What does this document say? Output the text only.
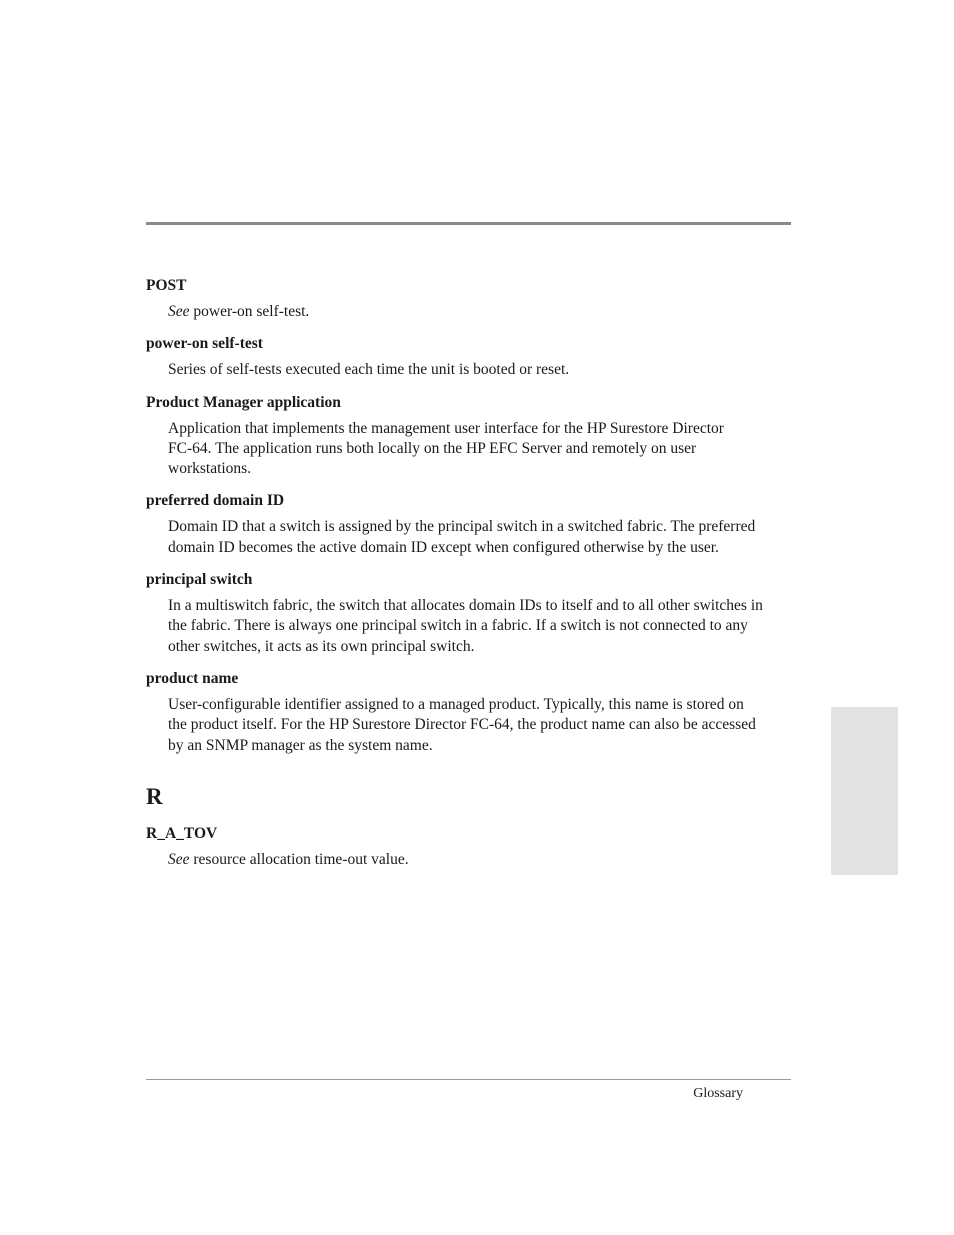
POST

See power-on self-test.

power-on self-test

Series of self-tests executed each time the unit is booted or reset.

Product Manager application

Application that implements the management user interface for the HP Surestore Director
FC-64. The application runs both locally on the HP EFC Server and remotely on user workstations.

preferred domain ID

Domain ID that a switch is assigned by the principal switch in a switched fabric. The preferred domain ID becomes the active domain ID except when configured otherwise by the user.

principal switch

In a multiswitch fabric, the switch that allocates domain IDs to itself and to all other switches in the fabric. There is always one principal switch in a fabric. If a switch is not connected to any other switches, it acts as its own principal switch.

product name

User-configurable identifier assigned to a managed product. Typically, this name is stored on the product itself. For the HP Surestore Director FC-64, the product name can also be accessed by an SNMP manager as the system name.

R

R_A_TOV

See resource allocation time-out value.

Glossary
